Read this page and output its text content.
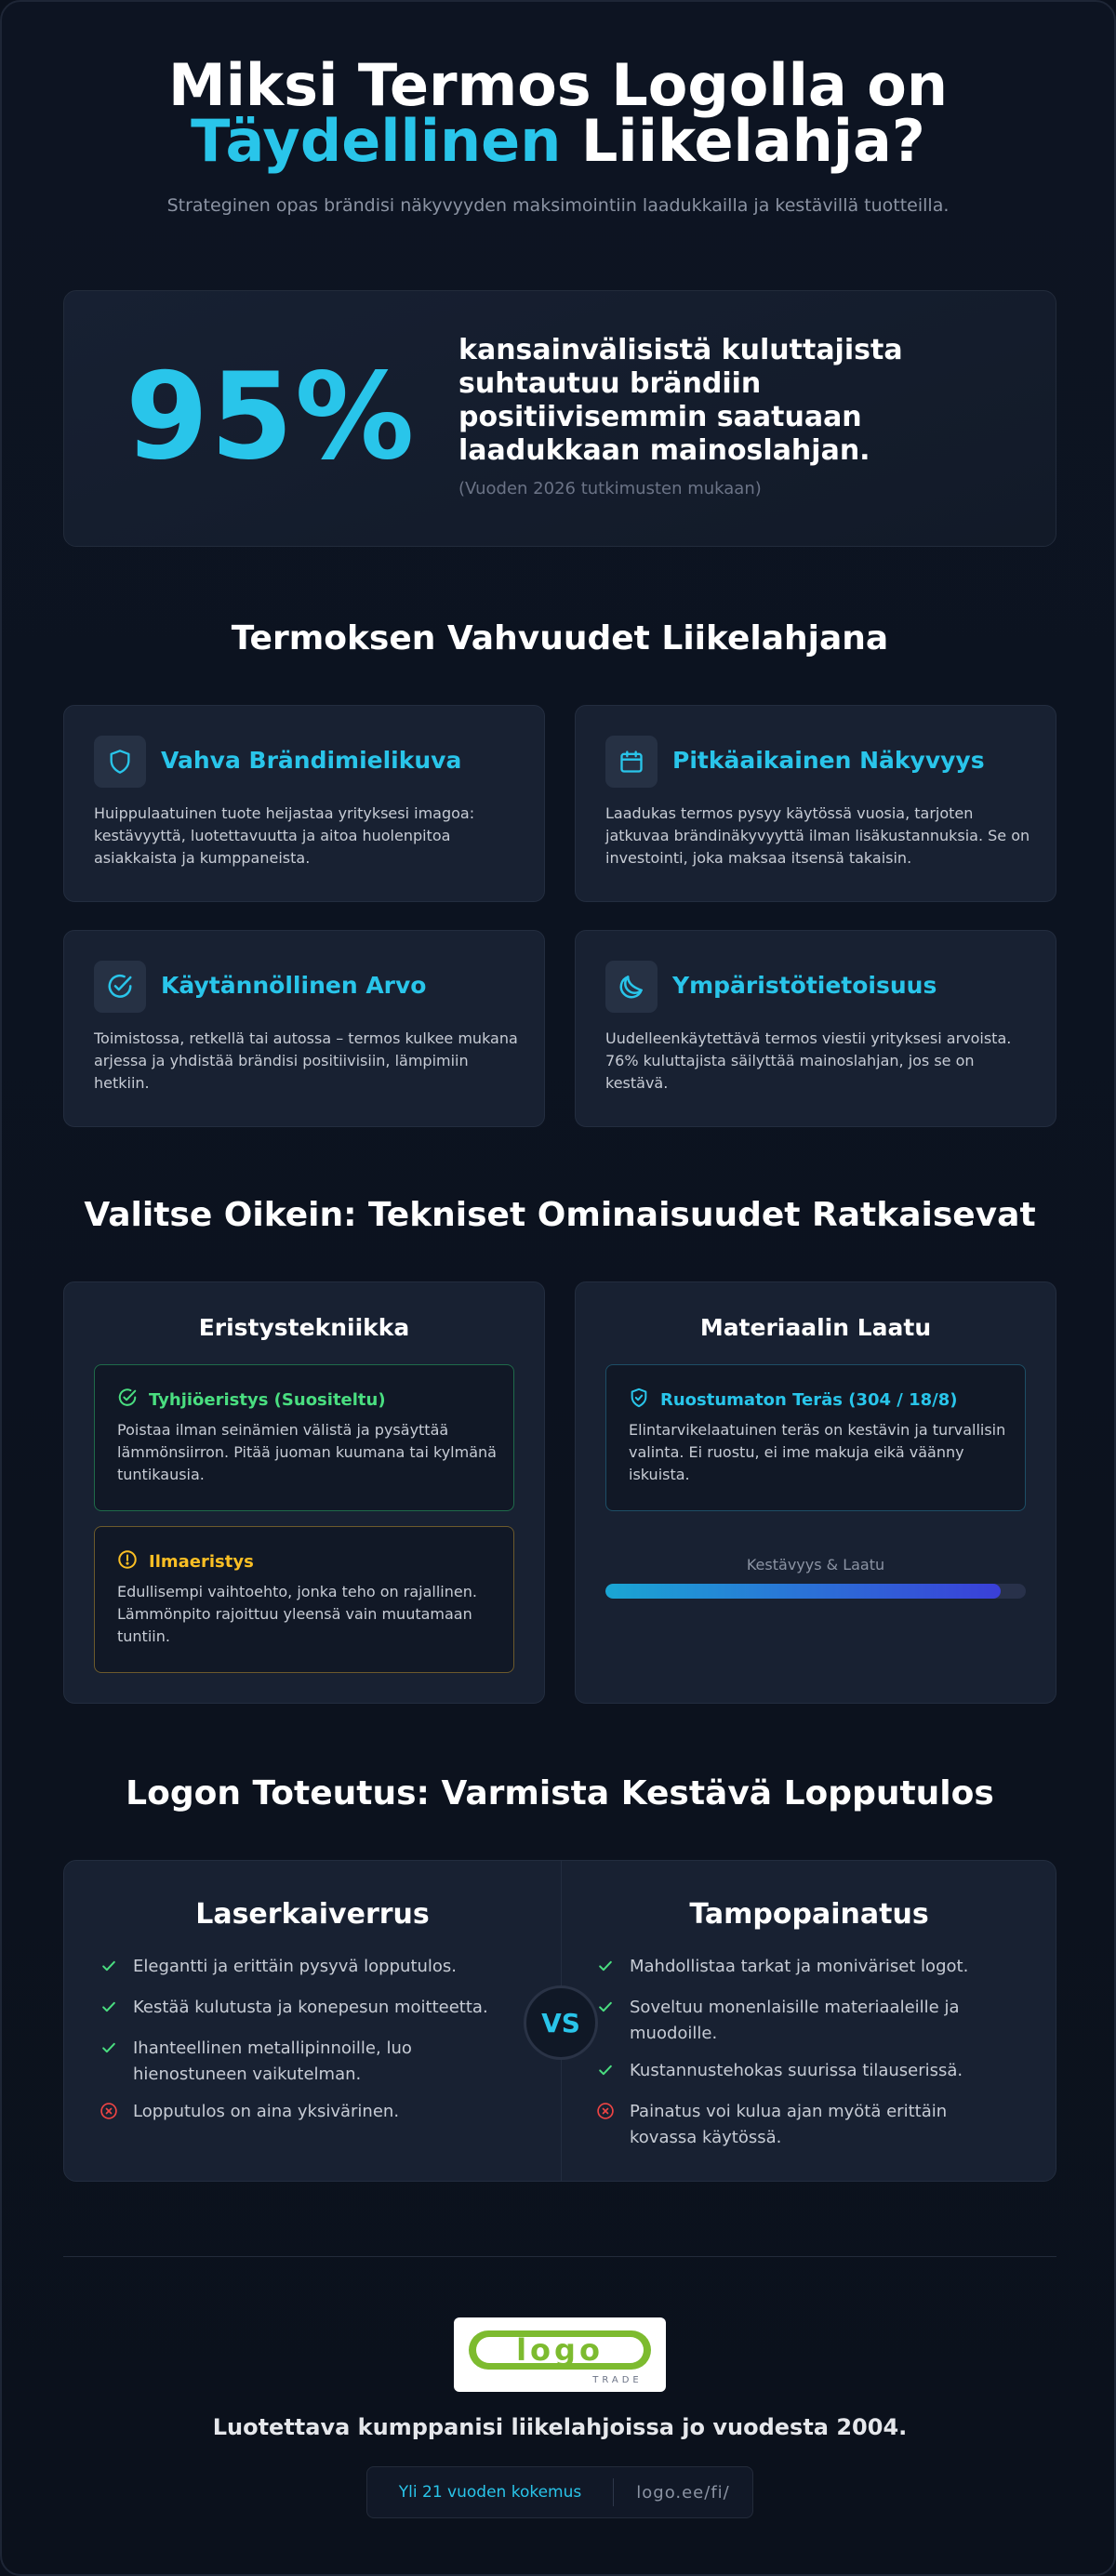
Miksi Termos Logolla on
Täydellinen Liikelahja?
Strateginen opas brändisi näkyvyyden maksimointiin laadukkailla ja kestävillä tuotteilla.
95% kansainvälisistä kuluttajista suhtautuu brändiin positiivisemmin saatuaan laadukkaan mainoslahjan.
(Vuoden 2026 tutkimusten mukaan)
Termoksen Vahvuudet Liikelahjana
Vahva Brändimielikuva
Huippulaatuinen tuote heijastaa yrityksesi imagoa: kestävyyttä, luotettavuutta ja aitoa huolenpitoa asiakkaista ja kumppaneista.
Pitkäaikainen Näkyvyys
Laadukas termos pysyy käytössä vuosia, tarjoten jatkuvaa brändinäkyvyyttä ilman lisäkustannuksia. Se on investointi, joka maksaa itsensä takaisin.
Käytännöllinen Arvo
Toimistossa, retkellä tai autossa – termos kulkee mukana arjessa ja yhdistää brändisi positiivisiin, lämpimiin hetkiin.
Ympäristötietoisuus
Uudelleenkäytettävä termos viestii yrityksesi arvoista. 76% kuluttajista säilyttää mainoslahjan, jos se on kestävä.
Valitse Oikein: Tekniset Ominaisuudet Ratkaisevat
Eristystekniikka
Tyhjiöeristys (Suositeltu)
Poistaa ilman seinämien välistä ja pysäyttää lämmönsiirron. Pitää juoman kuumana tai kylmänä tuntikausia.
Ilmaeristys
Edullisempi vaihtoehto, jonka teho on rajallinen. Lämmönpito rajoittuu yleensä vain muutamaan tuntiin.
Materiaalin Laatu
Ruostumaton Teräs (304 / 18/8)
Elintarvikelaatuinen teräs on kestävin ja turvallisin valinta. Ei ruostu, ei ime makuja eikä väänny iskuista.
Kestävyys & Laatu
Logon Toteutus: Varmista Kestävä Lopputulos
Laserkaiverrus
Elegantti ja erittäin pysyvä lopputulos.
Kestää kulutusta ja konepesun moitteetta.
Ihanteellinen metallipinnoille, luo hienostuneen vaikutelman.
Lopputulos on aina yksivärinen.
Tampopainatus
Mahdollistaa tarkat ja moniväriset logot.
Soveltuu monenlaisille materiaaleille ja muodoille.
Kustannustehokas suurissa tilauserissä.
Painatus voi kulua ajan myötä erittäin kovassa käytössä.
VS
logo
TRADE
Luotettava kumppanisi liikelahjoissa jo vuodesta 2004.
Yli 21 vuoden kokemus	logo.ee/fi/
